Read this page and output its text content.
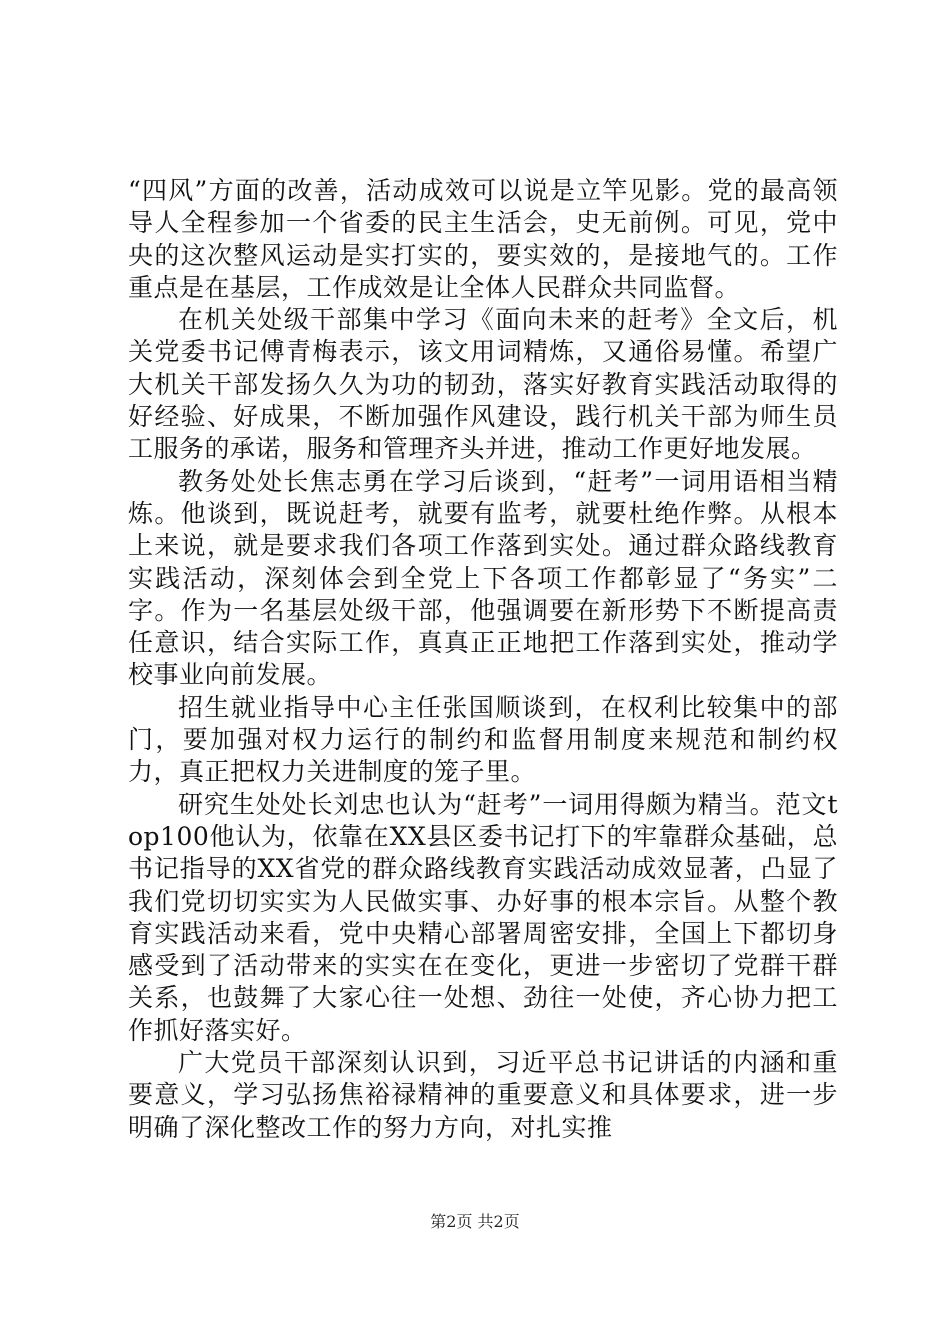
“四风”方面的改善，活动成效可以说是立竿见影。党的最高领导人全程参加一个省委的民主生活会，史无前例。可见，党中央的这次整风运动是实打实的，要实效的，是接地气的。工作重点是在基层，工作成效是让全体人民群众共同监督。

在机关处级干部集中学习《面向未来的赶考》全文后，机关党委书记傅青梅表示，该文用词精炼，又通俗易懂。希望广大机关干部发扬久久为功的韧劲，落实好教育实践活动取得的好经验、好成果，不断加强作风建设，践行机关干部为师生员工服务的承诺，服务和管理齐头并进，推动工作更好地发展。

教务处处长焦志勇在学习后谈到，“赶考”一词用语相当精炼。他谈到，既说赶考，就要有监考，就要杜绝作弊。从根本上来说，就是要求我们各项工作落到实处。通过群众路线教育实践活动，深刻体会到全党上下各项工作都彰显了“务实”二字。作为一名基层处级干部，他强调要在新形势下不断提高责任意识，结合实际工作，真真正正地把工作落到实处，推动学校事业向前发展。

招生就业指导中心主任张国顺谈到，在权利比较集中的部门，要加强对权力运行的制约和监督用制度来规范和制约权力，真正把权力关进制度的笼子里。

研究生处处长刘忠也认为“赶考”一词用得颇为精当。范文top100他认为，依靠在XX县区委书记打下的牢靠群众基础，总书记指导的XX省党的群众路线教育实践活动成效显著，凸显了我们党切切实实为人民做实事、办好事的根本宗旨。从整个教育实践活动来看，党中央精心部署周密安排，全国上下都切身感受到了活动带来的实实在在变化，更进一步密切了党群干群关系，也鼓舞了大家心往一处想、劲往一处使，齐心协力把工作抓好落实好。

广大党员干部深刻认识到，习近平总书记讲话的内涵和重要意义，学习弘扬焦裕禄精神的重要意义和具体要求，进一步明确了深化整改工作的努力方向，对扎实推

第2页 共2页
